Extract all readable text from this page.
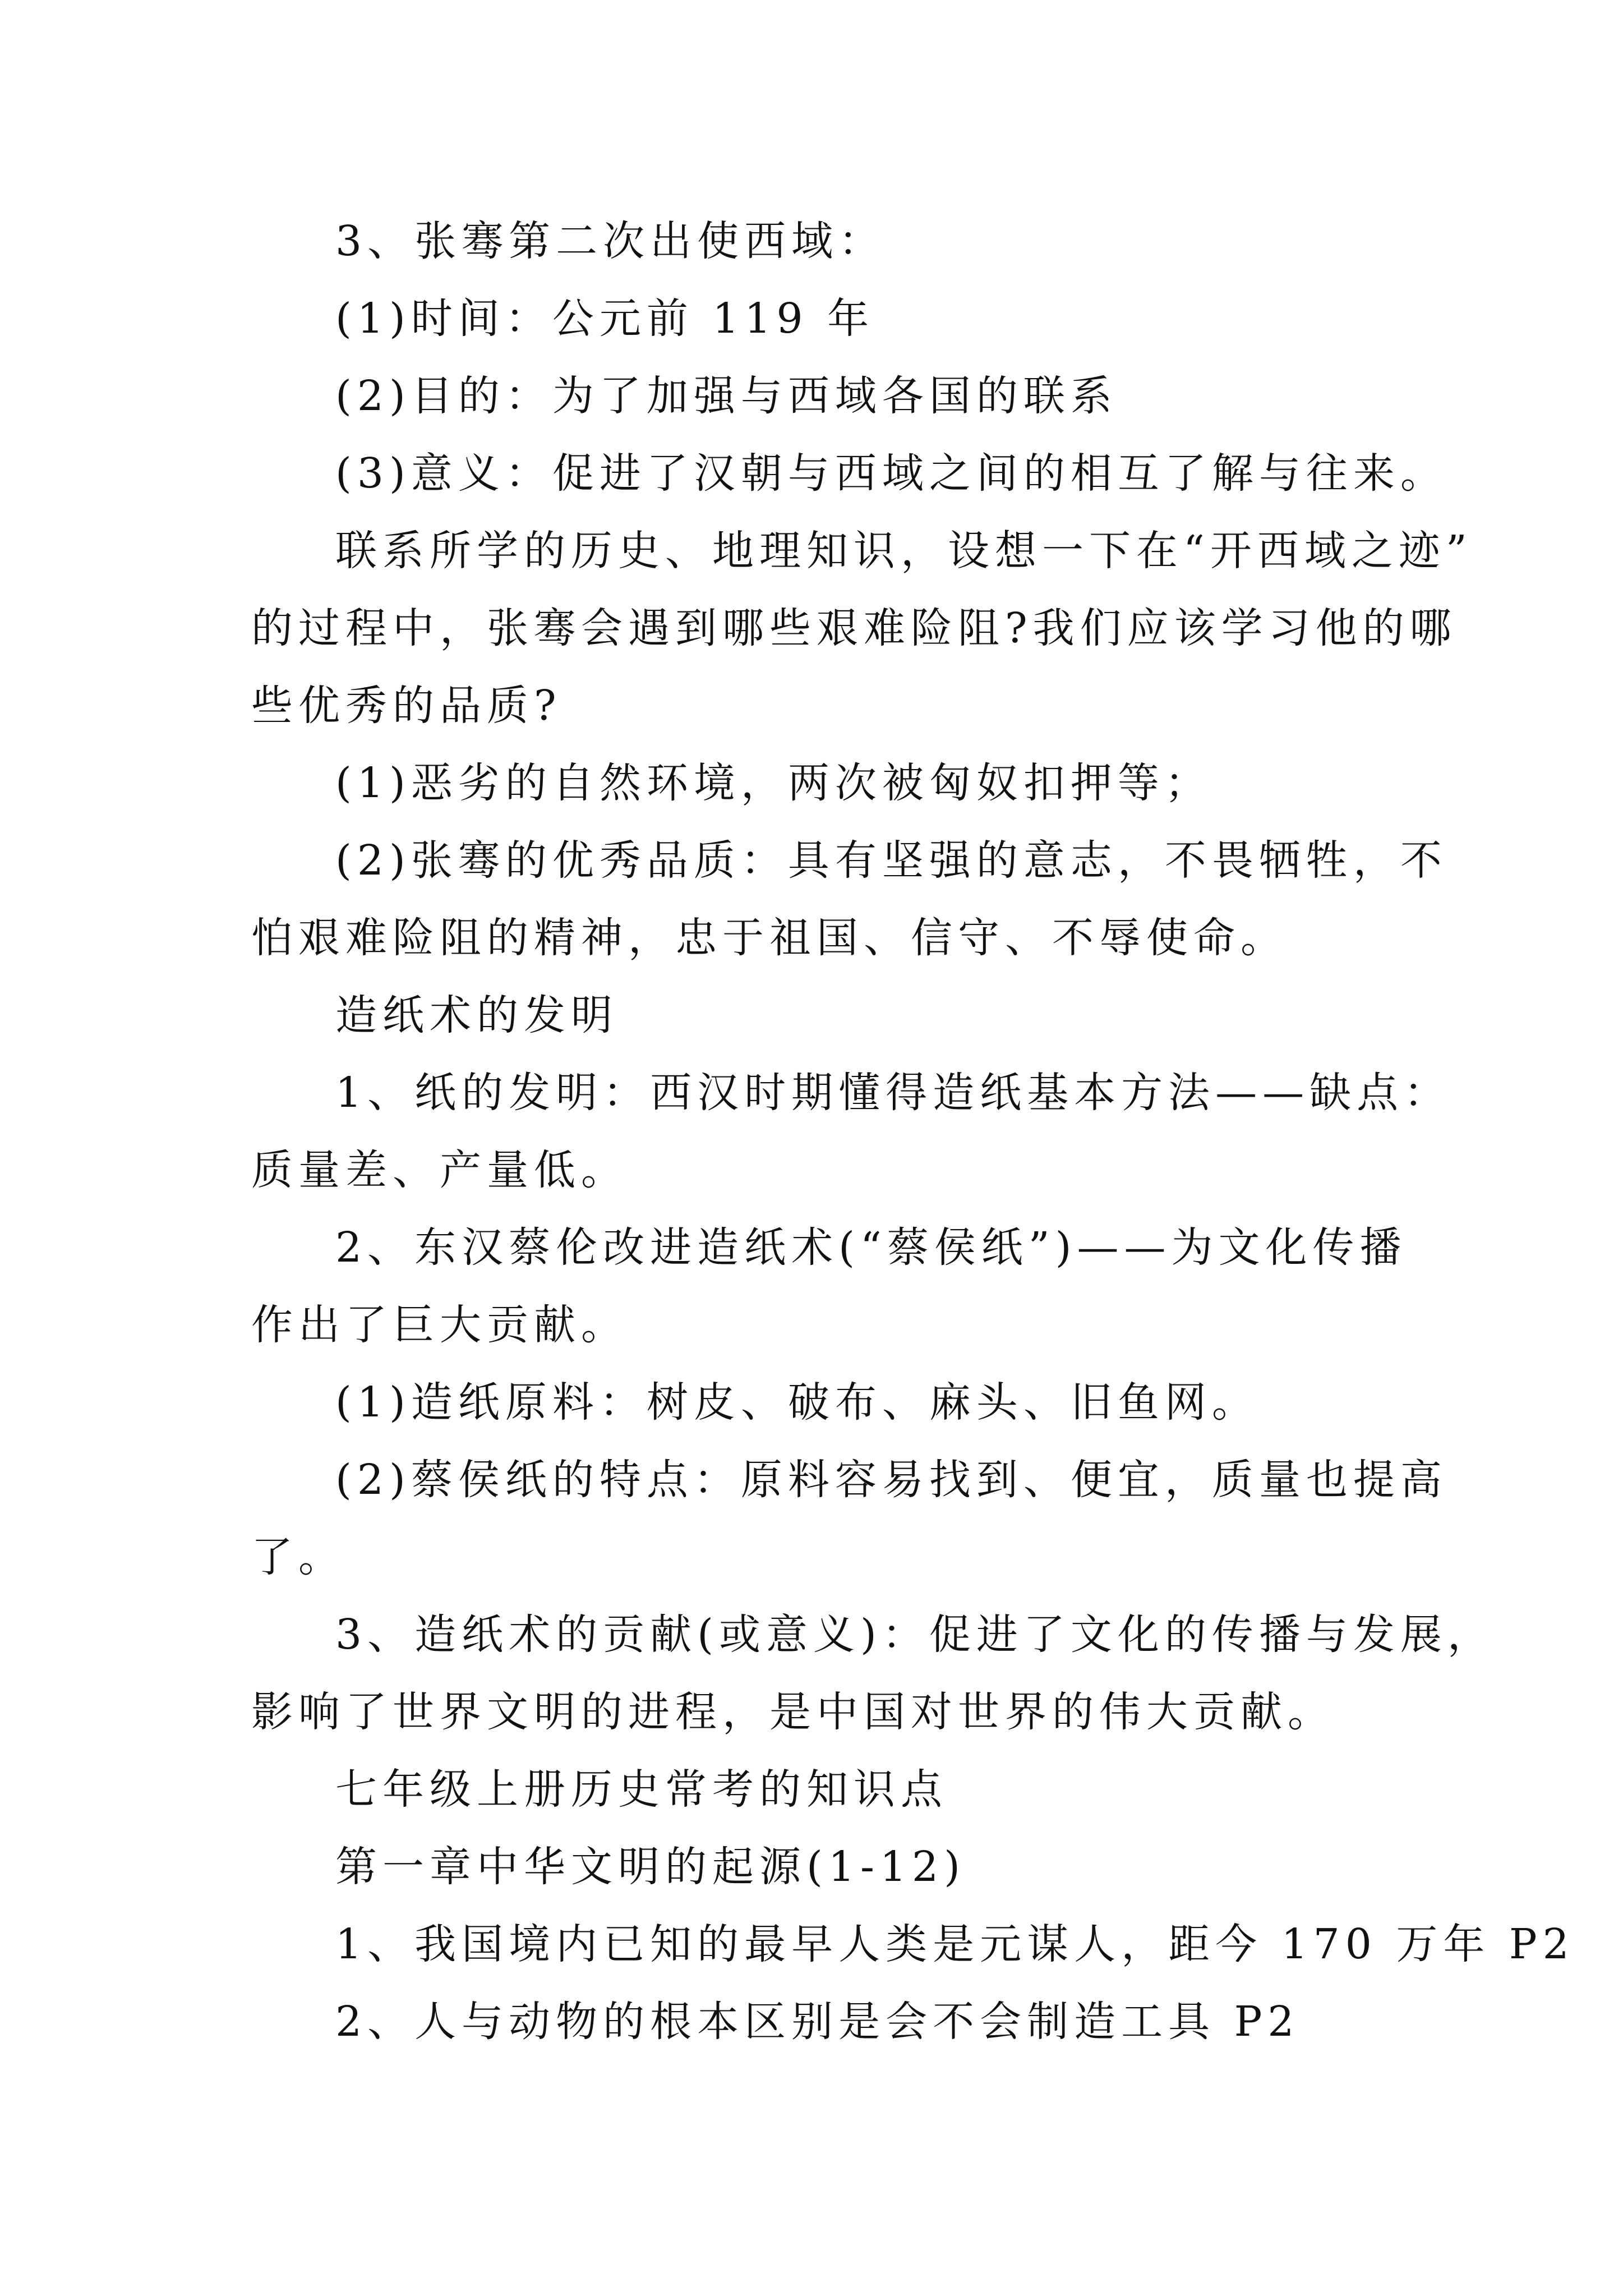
3、张骞第二次出使西域：
(1)时间：公元前 119 年
(2)目的：为了加强与西域各国的联系
(3)意义：促进了汉朝与西域之间的相互了解与往来。
联系所学的历史、地理知识，设想一下在“开西域之迹”
的过程中，张骞会遇到哪些艰难险阻?我们应该学习他的哪
些优秀的品质?
(1)恶劣的自然环境，两次被匈奴扣押等；
(2)张骞的优秀品质：具有坚强的意志，不畏牺牲，不
怕艰难险阻的精神，忠于祖国、信守、不辱使命。
造纸术的发明
1、纸的发明：西汉时期懂得造纸基本方法——缺点：
质量差、产量低。
2、东汉蔡伦改进造纸术(“蔡侯纸”)——为文化传播
作出了巨大贡献。
(1)造纸原料：树皮、破布、麻头、旧鱼网。
(2)蔡侯纸的特点：原料容易找到、便宜，质量也提高
了。
3、造纸术的贡献(或意义)：促进了文化的传播与发展，
影响了世界文明的进程，是中国对世界的伟大贡献。
七年级上册历史常考的知识点
第一章中华文明的起源(1-12)
1、我国境内已知的最早人类是元谋人，距今 170 万年 P2
2、人与动物的根本区别是会不会制造工具 P2
